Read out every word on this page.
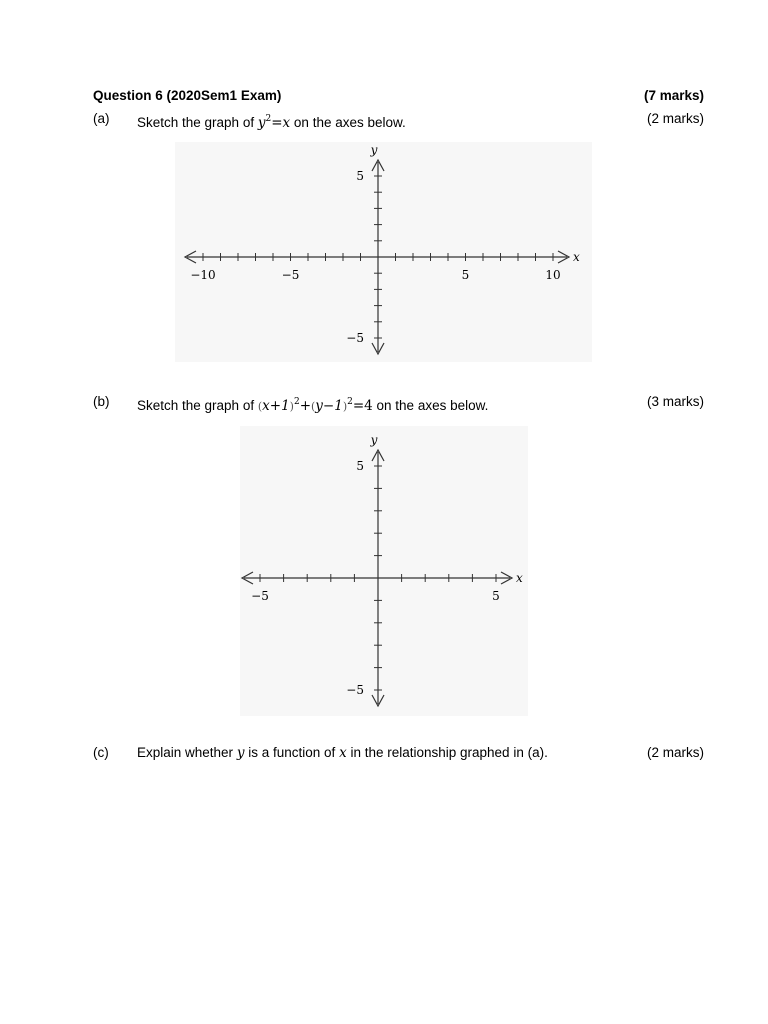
Question 6 (2020Sem1 Exam)	(7 marks)
(a) Sketch the graph of $y^2=x$ on the axes below.	(2 marks)
−10	−5	5	10
5
−5
x
y
(b) Sketch the graph of $(x+1)^2+(y-1)^2=4$ on the axes below.	(3 marks)
−5	5
5
−5
x
y
(c) Explain whether y is a function of x in the relationship graphed in (a).	(2 marks)
